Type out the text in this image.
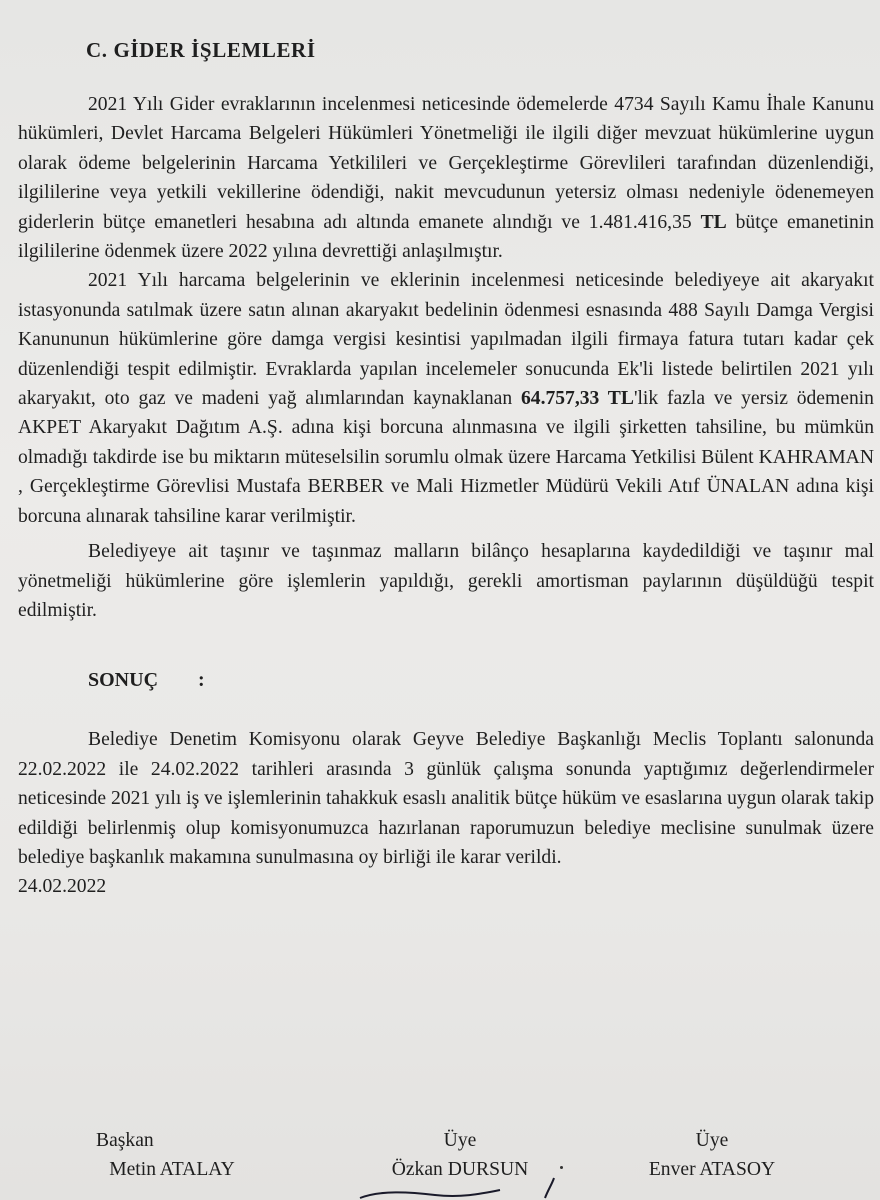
C. GİDER İŞLEMLERİ

2021 Yılı Gider evraklarının incelenmesi neticesinde ödemelerde 4734 Sayılı Kamu İhale Kanunu hükümleri, Devlet Harcama Belgeleri Hükümleri Yönetmeliği ile ilgili diğer mevzuat hükümlerine uygun olarak ödeme belgelerinin Harcama Yetkilileri ve Gerçekleştirme Görevlileri tarafından düzenlendiği, ilgililerine veya yetkili vekillerine ödendiği, nakit mevcudunun yetersiz olması nedeniyle ödenemeyen giderlerin bütçe emanetleri hesabına adı altında emanete alındığı ve 1.481.416,35 TL bütçe emanetinin ilgililerine ödenmek üzere 2022 yılına devrettiği anlaşılmıştır.

2021 Yılı harcama belgelerinin ve eklerinin incelenmesi neticesinde belediyeye ait akaryakıt istasyonunda satılmak üzere satın alınan akaryakıt bedelinin ödenmesi esnasında 488 Sayılı Damga Vergisi Kanununun hükümlerine göre damga vergisi kesintisi yapılmadan ilgili firmaya fatura tutarı kadar çek düzenlendiği tespit edilmiştir. Evraklarda yapılan incelemeler sonucunda Ek'li listede belirtilen 2021 yılı akaryakıt, oto gaz ve madeni yağ alımlarından kaynaklanan 64.757,33 TL'lik fazla ve yersiz ödemenin AKPET Akaryakıt Dağıtım A.Ş. adına kişi borcuna alınmasına ve ilgili şirketten tahsiline, bu mümkün olmadığı takdirde ise bu miktarın müteselsilin sorumlu olmak üzere Harcama Yetkilisi Bülent KAHRAMAN , Gerçekleştirme Görevlisi Mustafa BERBER ve Mali Hizmetler Müdürü Vekili Atıf ÜNALAN adına kişi borcuna alınarak tahsiline karar verilmiştir.

Belediyeye ait taşınır ve taşınmaz malların bilânço hesaplarına kaydedildiği ve taşınır mal yönetmeliği hükümlerine göre işlemlerin yapıldığı, gerekli amortisman paylarının düşüldüğü tespit edilmiştir.

SONUÇ :

Belediye Denetim Komisyonu olarak Geyve Belediye Başkanlığı Meclis Toplantı salonunda 22.02.2022 ile 24.02.2022 tarihleri arasında 3 günlük çalışma sonunda yaptığımız değerlendirmeler neticesinde 2021 yılı iş ve işlemlerinin tahakkuk esaslı analitik bütçe hüküm ve esaslarına uygun olarak takip edildiği belirlenmiş olup komisyonumuzca hazırlanan raporumuzun belediye meclisine sunulmak üzere belediye başkanlık makamına sunulmasına oy birliği ile karar verildi.

24.02.2022

Başkan
Metin ATALAY
Üye
Özkan DURSUN
Üye
Enver ATASOY
